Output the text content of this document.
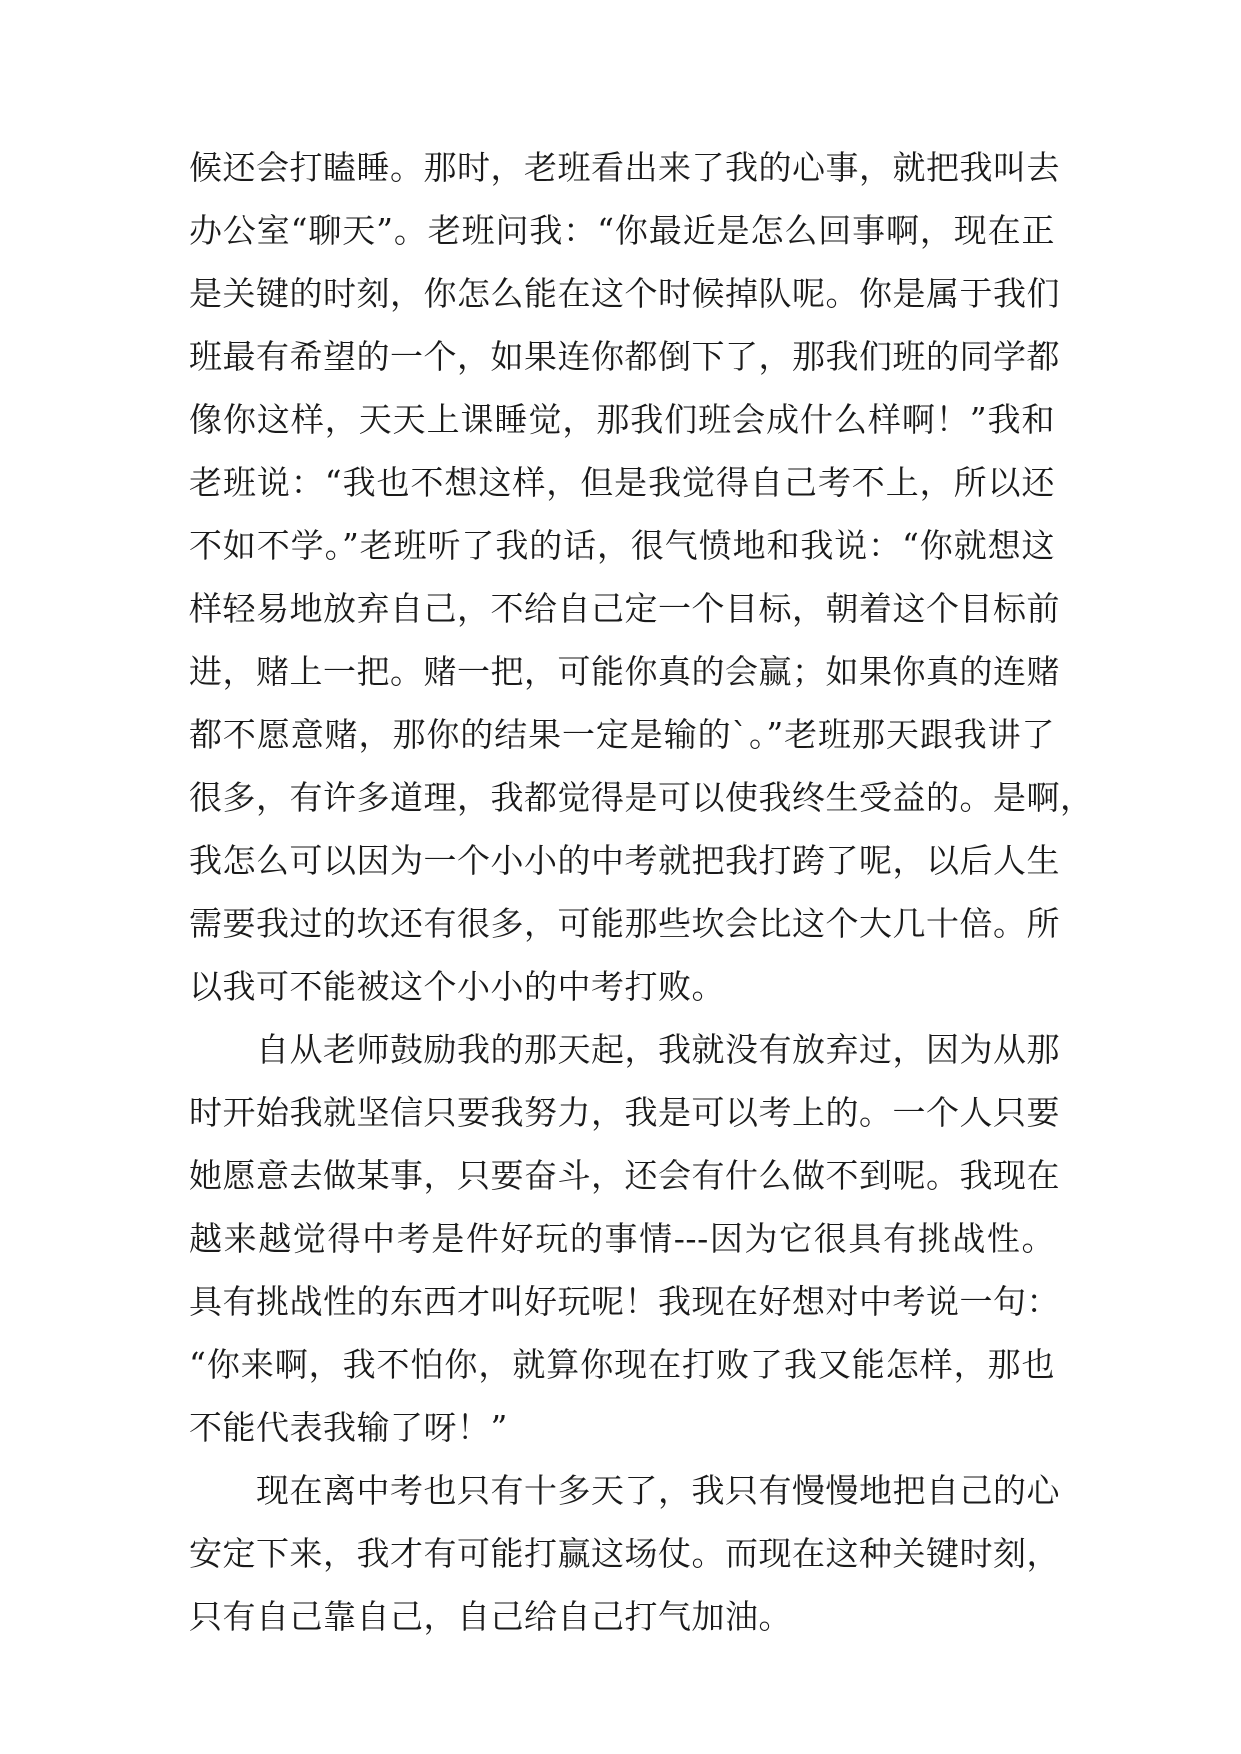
候还会打瞌睡。那时，老班看出来了我的心事，就把我叫去
办公室“聊天”。老班问我：“你最近是怎么回事啊，现在正
是关键的时刻，你怎么能在这个时候掉队呢。你是属于我们
班最有希望的一个，如果连你都倒下了，那我们班的同学都
像你这样，天天上课睡觉，那我们班会成什么样啊！”我和
老班说：“我也不想这样，但是我觉得自己考不上，所以还
不如不学。”老班听了我的话，很气愤地和我说：“你就想这
样轻易地放弃自己，不给自己定一个目标，朝着这个目标前
进，赌上一把。赌一把，可能你真的会赢；如果你真的连赌
都不愿意赌，那你的结果一定是输的`。”老班那天跟我讲了
很多，有许多道理，我都觉得是可以使我终生受益的。是啊，
我怎么可以因为一个小小的中考就把我打跨了呢，以后人生
需要我过的坎还有很多，可能那些坎会比这个大几十倍。所
以我可不能被这个小小的中考打败。
自从老师鼓励我的那天起，我就没有放弃过，因为从那
时开始我就坚信只要我努力，我是可以考上的。一个人只要
她愿意去做某事，只要奋斗，还会有什么做不到呢。我现在
越来越觉得中考是件好玩的事情---因为它很具有挑战性。
具有挑战性的东西才叫好玩呢！我现在好想对中考说一句：
“你来啊，我不怕你，就算你现在打败了我又能怎样，那也
不能代表我输了呀！”
现在离中考也只有十多天了，我只有慢慢地把自己的心
安定下来，我才有可能打赢这场仗。而现在这种关键时刻，
只有自己靠自己，自己给自己打气加油。
